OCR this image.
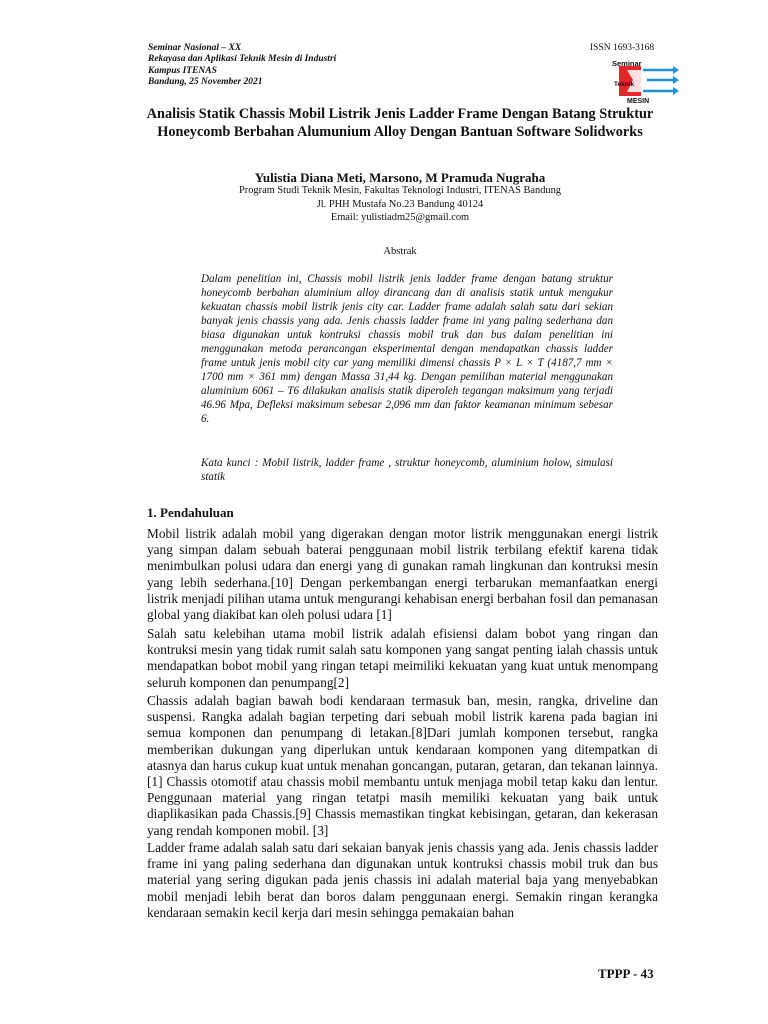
Seminar Nasional – XX
Rekayasa dan Aplikasi Teknik Mesin di Industri
Kampus ITENAS
Bandung, 25 November 2021
ISSN 1693-3168
Seminar
Teknik
MESIN
Analisis Statik Chassis Mobil Listrik Jenis Ladder Frame Dengan Batang Struktur Honeycomb Berbahan Alumunium Alloy Dengan Bantuan Software Solidworks
Yulistia Diana Meti, Marsono, M Pramuda Nugraha
Program Studi Teknik Mesin, Fakultas Teknologi Industri, ITENAS Bandung
Jl. PHH Mustafa No.23 Bandung 40124
Email: yulistiadm25@gmail.com
Abstrak

Dalam penelitian ini, Chassis mobil listrik jenis ladder frame dengan batang struktur honeycomb berbahan aluminium alloy dirancang dan di analisis statik untuk mengukur kekuatan chassis mobil listrik jenis city car. Ladder frame adalah salah satu dari sekian banyak jenis chassis yang ada. Jenis chassis ladder frame ini yang paling sederhana dan biasa digunakan untuk kontruksi chassis mobil truk dan bus dalam penelitian ini menggunakan metoda perancangan eksperimental dengan mendapatkan chassis ladder frame untuk jenis mobil city car yang memiliki dimensi chassis P × L × T (4187,7 mm × 1700 mm × 361 mm) dengan Massa 31,44 kg. Dengan pemilihan material menggunakan aluminium 6061 – T6 dilakukan analisis statik diperoleh tegangan maksimum yang terjadi 46.96 Mpa, Defleksi maksimum sebesar 2,096 mm dan faktor keamanan minimum sebesar 6.

Kata kunci : Mobil listrik, ladder frame , struktur honeycomb, aluminium holow, simulasi statik

1. Pendahuluan

Mobil listrik adalah mobil yang digerakan dengan motor listrik menggunakan energi listrik yang simpan dalam sebuah baterai penggunaan mobil listrik terbilang efektif karena tidak menimbulkan polusi udara dan energi yang di gunakan ramah lingkunan dan kontruksi mesin yang lebih sederhana.[10] Dengan perkembangan energi terbarukan memanfaatkan energi listrik menjadi pilihan utama untuk mengurangi kehabisan energi berbahan fosil dan pemanasan global yang diakibat kan oleh polusi udara [1]

Salah satu kelebihan utama mobil listrik adalah efisiensi dalam bobot yang ringan dan kontruksi mesin yang tidak rumit salah satu komponen yang sangat penting ialah chassis untuk mendapatkan bobot mobil yang ringan tetapi meimiliki kekuatan yang kuat untuk menompang seluruh komponen dan penumpang[2]

Chassis adalah bagian bawah bodi kendaraan termasuk ban, mesin, rangka, driveline dan suspensi. Rangka adalah bagian terpeting dari sebuah mobil listrik karena pada bagian ini semua komponen dan penumpang di letakan.[8]Dari jumlah komponen tersebut, rangka memberikan dukungan yang diperlukan untuk kendaraan komponen yang ditempatkan di atasnya dan harus cukup kuat untuk menahan goncangan, putaran, getaran, dan tekanan lainnya.[1] Chassis otomotif atau chassis mobil membantu untuk menjaga mobil tetap kaku dan lentur. Penggunaan material yang ringan tetatpi masih memiliki kekuatan yang baik untuk diaplikasikan pada Chassis.[9] Chassis memastikan tingkat kebisingan, getaran, dan kekerasan yang rendah komponen mobil. [3]

Ladder frame adalah salah satu dari sekaian banyak jenis chassis yang ada. Jenis chassis ladder frame ini yang paling sederhana dan digunakan untuk kontruksi chassis mobil truk dan bus material yang sering digukan pada jenis chassis ini adalah material baja yang menyebabkan mobil menjadi lebih berat dan boros dalam penggunaan energi. Semakin ringan kerangka kendaraan semakin kecil kerja dari mesin sehingga pemakaian bahan

TPPP - 43
